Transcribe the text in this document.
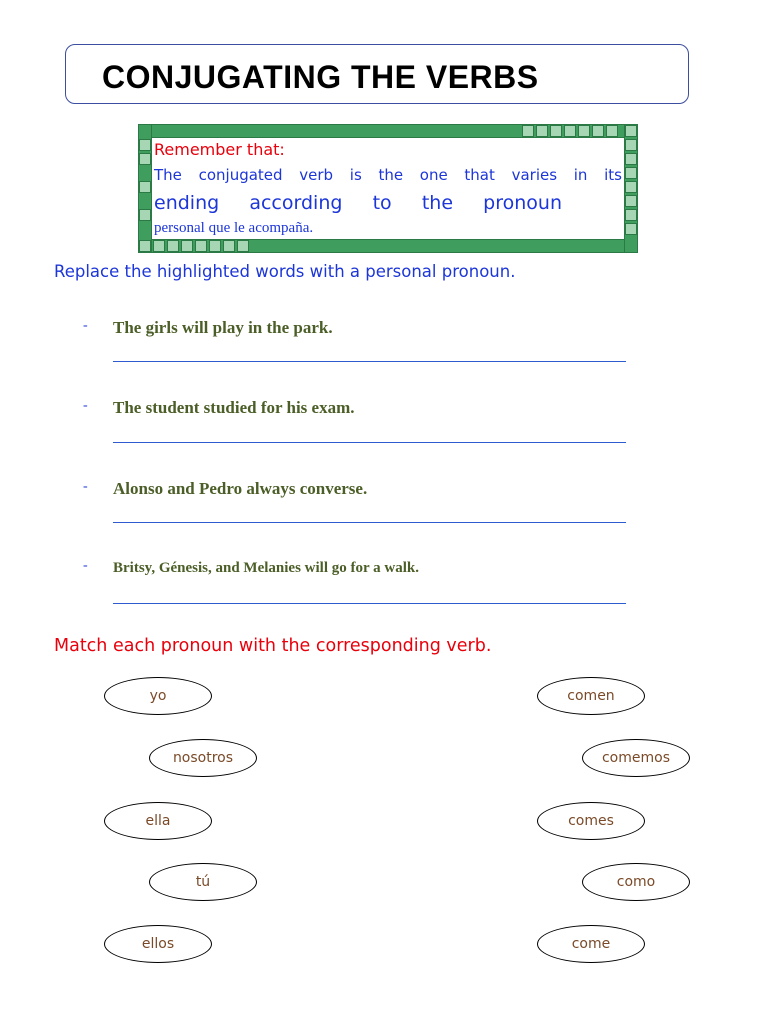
CONJUGATING THE VERBS
Remember that:
The conjugated verb is the one that varies in its
ending according to the pronoun
personal que le acompaña.
Replace the highlighted words with a personal pronoun.
- The girls will play in the park.
- The student studied for his exam.
- Alonso and Pedro always converse.
- Britsy, Génesis, and Melanies will go for a walk.
Match each pronoun with the corresponding verb.
yo
nosotros
ella
tú
ellos
comen
comemos
comes
como
come
